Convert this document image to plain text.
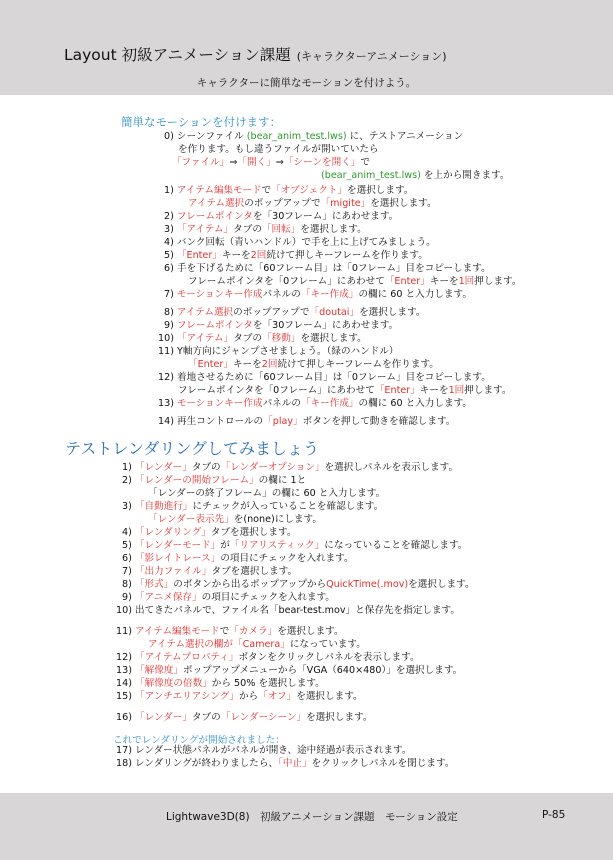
Layout 初級アニメーション課題 (キャラクターアニメーション)
キャラクターに簡単なモーションを付けよう。
簡単なモーションを付けます：
0) シーンファイル (bear_anim_test.lws) に、テストアニメーション
を作ります。もし違うファイルが開いていたら
「ファイル」⇒「開く」⇒「シーンを開く」で
(bear_anim_test.lws) を上から開きます。
1) アイテム編集モードで「オブジェクト」を選択します。
アイテム選択のポップアップで「migite」を選択します。
2) フレームポインタを「30フレーム」にあわせます。
3) 「アイテム」タブの「回転」を選択します。
4) バンク回転（青いハンドル）で手を上に上げてみましょう。
5) 「Enter」キーを2回続けて押しキーフレームを作ります。
6) 手を下げるために「60フレーム目」は「0フレーム」目をコピーします。
フレームポインタを「0フレーム」にあわせて「Enter」キーを1回押します。
7) モーションキー作成パネルの「キー作成」の欄に 60 と入力します。
8) アイテム選択のポップアップで「doutai」を選択します。
9) フレームポインタを「30フレーム」にあわせます。
10) 「アイテム」タブの「移動」を選択します。
11) Y軸方向にジャンプさせましょう。（緑のハンドル）
「Enter」キーを2回続けて押しキーフレームを作ります。
12) 着地させるために「60フレーム目」は「0フレーム」目をコピーします。
フレームポインタを「0フレーム」にあわせて「Enter」キーを1回押します。
13) モーションキー作成パネルの「キー作成」の欄に 60 と入力します。
14) 再生コントロールの「play」ボタンを押して動きを確認します。
テストレンダリングしてみましょう
1) 「レンダー」タブの「レンダーオプション」を選択しパネルを表示します。
2) 「レンダーの開始フレーム」の欄に 1と
「レンダーの終了フレーム」の欄に 60 と入力します。
3) 「自動進行」にチェックが入っていることを確認します。
「レンダー表示先」を(none)にします。
4) 「レンダリング」タブを選択します。
5) 「レンダーモード」が「リアリスティック」になっていることを確認します。
6) 「影レイトレース」の項目にチェックを入れます。
7) 「出力ファイル」タブを選択します。
8) 「形式」のボタンから出るポップアップからQuickTime(.mov)を選択します。
9) 「アニメ保存」の項目にチェックを入れます。
10) 出てきたパネルで、ファイル名「bear-test.mov」と保存先を指定します。
11) アイテム編集モードで「カメラ」を選択します。
アイテム選択の欄が「Camera」になっています。
12) 「アイテムプロパティ」ボタンをクリックしパネルを表示します。
13) 「解像度」ポップアップメニューから「VGA（640×480）」を選択します。
14) 「解像度の倍数」から 50% を選択します。
15) 「アンチエリアシング」から「オフ」を選択します。
16) 「レンダー」タブの「レンダーシーン」を選択します。
これでレンダリングが開始されました：
17) レンダー状態パネルがパネルが開き、途中経過が表示されます。
18) レンダリングが終わりましたら、「中止」をクリックしパネルを閉じます。
Lightwave3D(8)　初級アニメーション課題　モーション設定	P-85
